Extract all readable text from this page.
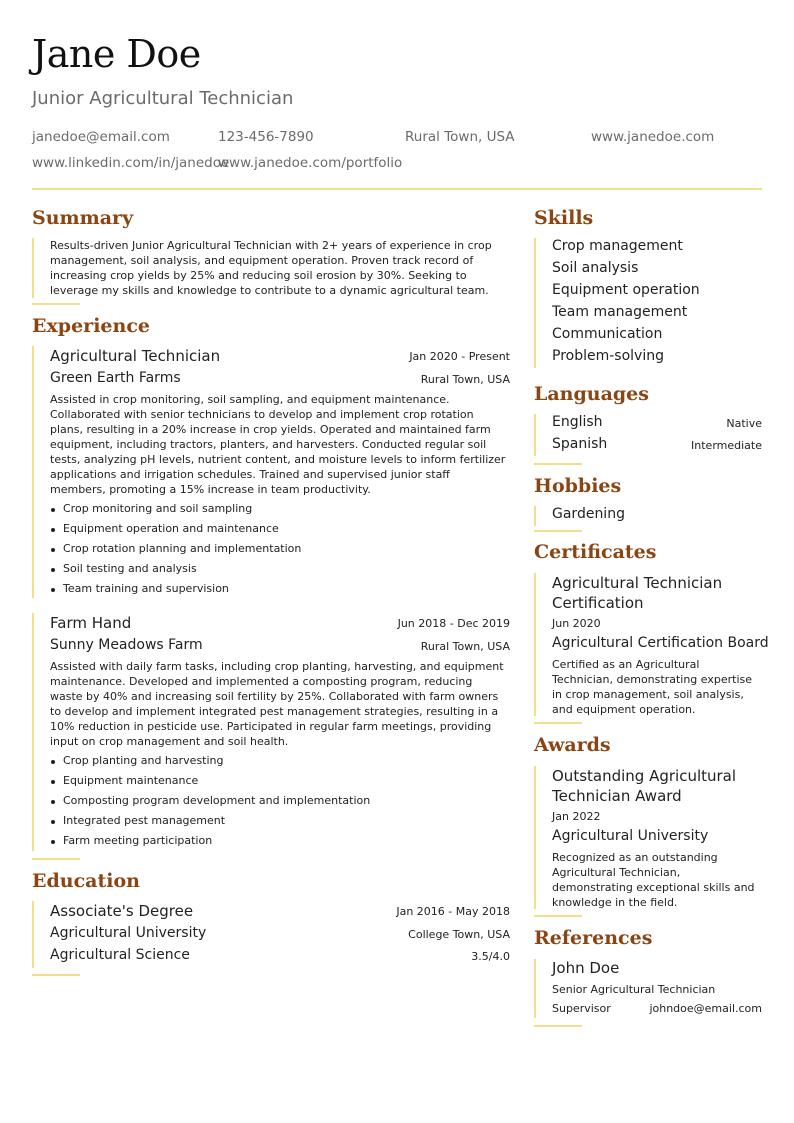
Jane Doe
Junior Agricultural Technician
janedoe@email.com	123-456-7890	Rural Town, USA	www.janedoe.com
www.linkedin.com/in/janedoe
www.janedoe.com/portfolio
Summary
Results-driven Junior Agricultural Technician with 2+ years of experience in crop
management, soil analysis, and equipment operation. Proven track record of
increasing crop yields by 25% and reducing soil erosion by 30%. Seeking to
leverage my skills and knowledge to contribute to a dynamic agricultural team.
Experience
Agricultural Technician	Jan 2020 - Present
Green Earth Farms	Rural Town, USA
Assisted in crop monitoring, soil sampling, and equipment maintenance.
Collaborated with senior technicians to develop and implement crop rotation
plans, resulting in a 20% increase in crop yields. Operated and maintained farm
equipment, including tractors, planters, and harvesters. Conducted regular soil
tests, analyzing pH levels, nutrient content, and moisture levels to inform fertilizer
applications and irrigation schedules. Trained and supervised junior staff
members, promoting a 15% increase in team productivity.
Crop monitoring and soil sampling
Equipment operation and maintenance
Crop rotation planning and implementation
Soil testing and analysis
Team training and supervision
Farm Hand	Jun 2018 - Dec 2019
Sunny Meadows Farm	Rural Town, USA
Assisted with daily farm tasks, including crop planting, harvesting, and equipment
maintenance. Developed and implemented a composting program, reducing
waste by 40% and increasing soil fertility by 25%. Collaborated with farm owners
to develop and implement integrated pest management strategies, resulting in a
10% reduction in pesticide use. Participated in regular farm meetings, providing
input on crop management and soil health.
Crop planting and harvesting
Equipment maintenance
Composting program development and implementation
Integrated pest management
Farm meeting participation
Education
Associate's Degree	Jan 2016 - May 2018
Agricultural University	College Town, USA
Agricultural Science	3.5/4.0
Skills
Crop management
Soil analysis
Equipment operation
Team management
Communication
Problem-solving
Languages
English	Native
Spanish	Intermediate
Hobbies
Gardening
Certificates
Agricultural Technician
Certification
Jun 2020
Agricultural Certification Board
Certified as an Agricultural
Technician, demonstrating expertise
in crop management, soil analysis,
and equipment operation.
Awards
Outstanding Agricultural
Technician Award
Jan 2022
Agricultural University
Recognized as an outstanding
Agricultural Technician,
demonstrating exceptional skills and
knowledge in the field.
References
John Doe
Senior Agricultural Technician
Supervisor	johndoe@email.com
